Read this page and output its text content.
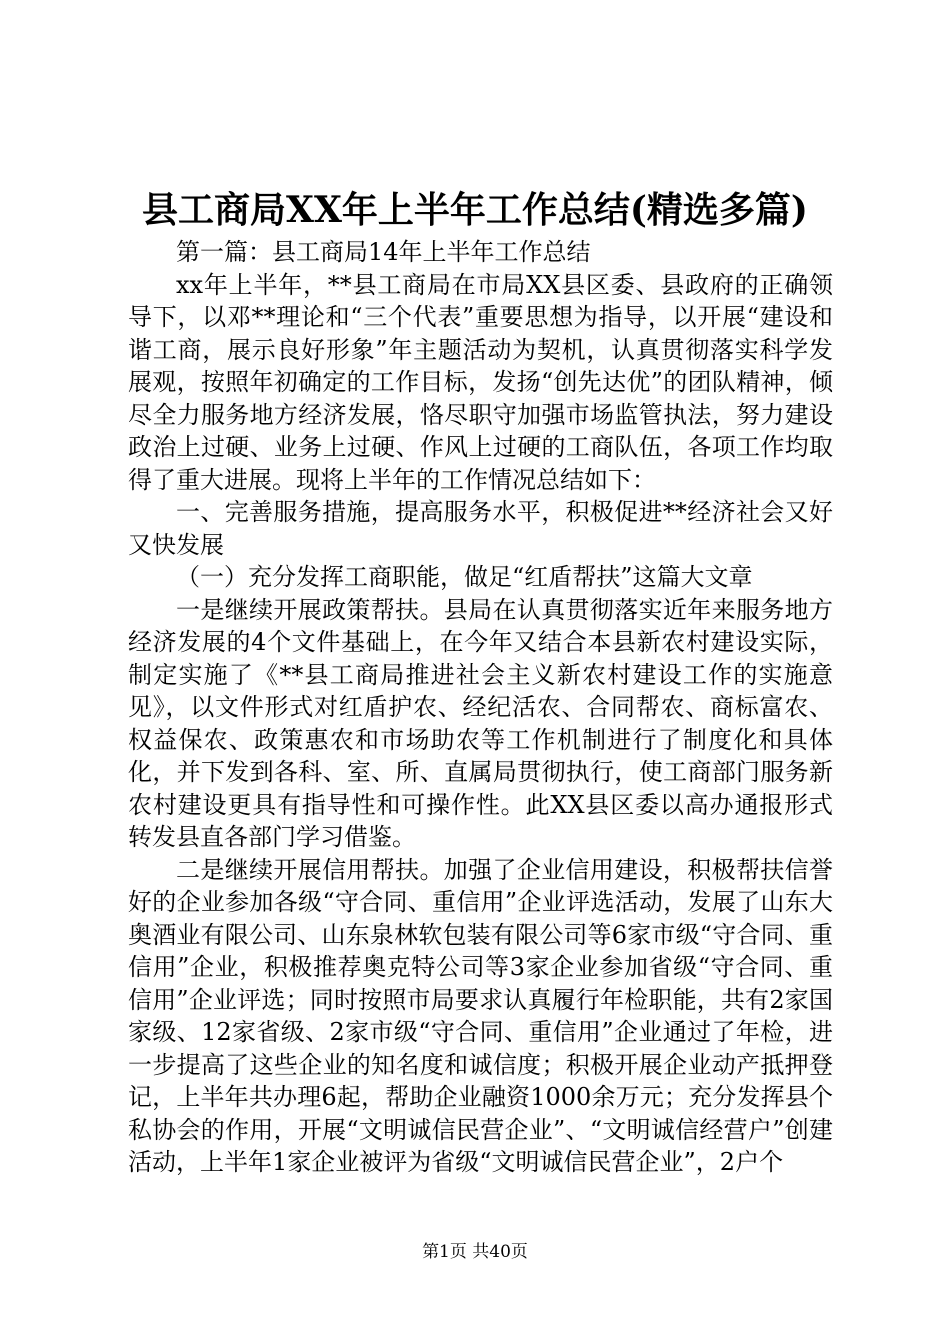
县工商局XX年上半年工作总结(精选多篇)

第一篇：县工商局14年上半年工作总结

xx年上半年，**县工商局在市局XX县区委、县政府的正确领导下，以邓**理论和“三个代表”重要思想为指导，以开展“建设和谐工商，展示良好形象”年主题活动为契机，认真贯彻落实科学发展观，按照年初确定的工作目标，发扬“创先达优”的团队精神，倾尽全力服务地方经济发展，恪尽职守加强市场监管执法，努力建设政治上过硬、业务上过硬、作风上过硬的工商队伍，各项工作均取得了重大进展。现将上半年的工作情况总结如下：

一、完善服务措施，提高服务水平，积极促进**经济社会又好又快发展

（一）充分发挥工商职能，做足“红盾帮扶”这篇大文章

一是继续开展政策帮扶。县局在认真贯彻落实近年来服务地方经济发展的4个文件基础上，在今年又结合本县新农村建设实际，制定实施了《**县工商局推进社会主义新农村建设工作的实施意见》，以文件形式对红盾护农、经纪活农、合同帮农、商标富农、权益保农、政策惠农和市场助农等工作机制进行了制度化和具体化，并下发到各科、室、所、直属局贯彻执行，使工商部门服务新农村建设更具有指导性和可操作性。此XX县区委以高办通报形式转发县直各部门学习借鉴。

二是继续开展信用帮扶。加强了企业信用建设，积极帮扶信誉好的企业参加各级“守合同、重信用”企业评选活动，发展了山东大奥酒业有限公司、山东泉林软包装有限公司等6家市级“守合同、重信用”企业，积极推荐奥克特公司等3家企业参加省级“守合同、重信用”企业评选；同时按照市局要求认真履行年检职能，共有2家国家级、12家省级、2家市级“守合同、重信用”企业通过了年检，进一步提高了这些企业的知名度和诚信度；积极开展企业动产抵押登记，上半年共办理6起，帮助企业融资1000余万元；充分发挥县个私协会的作用，开展“文明诚信民营企业”、“文明诚信经营户”创建活动，上半年1家企业被评为省级“文明诚信民营企业”，2户个

第1页 共40页
